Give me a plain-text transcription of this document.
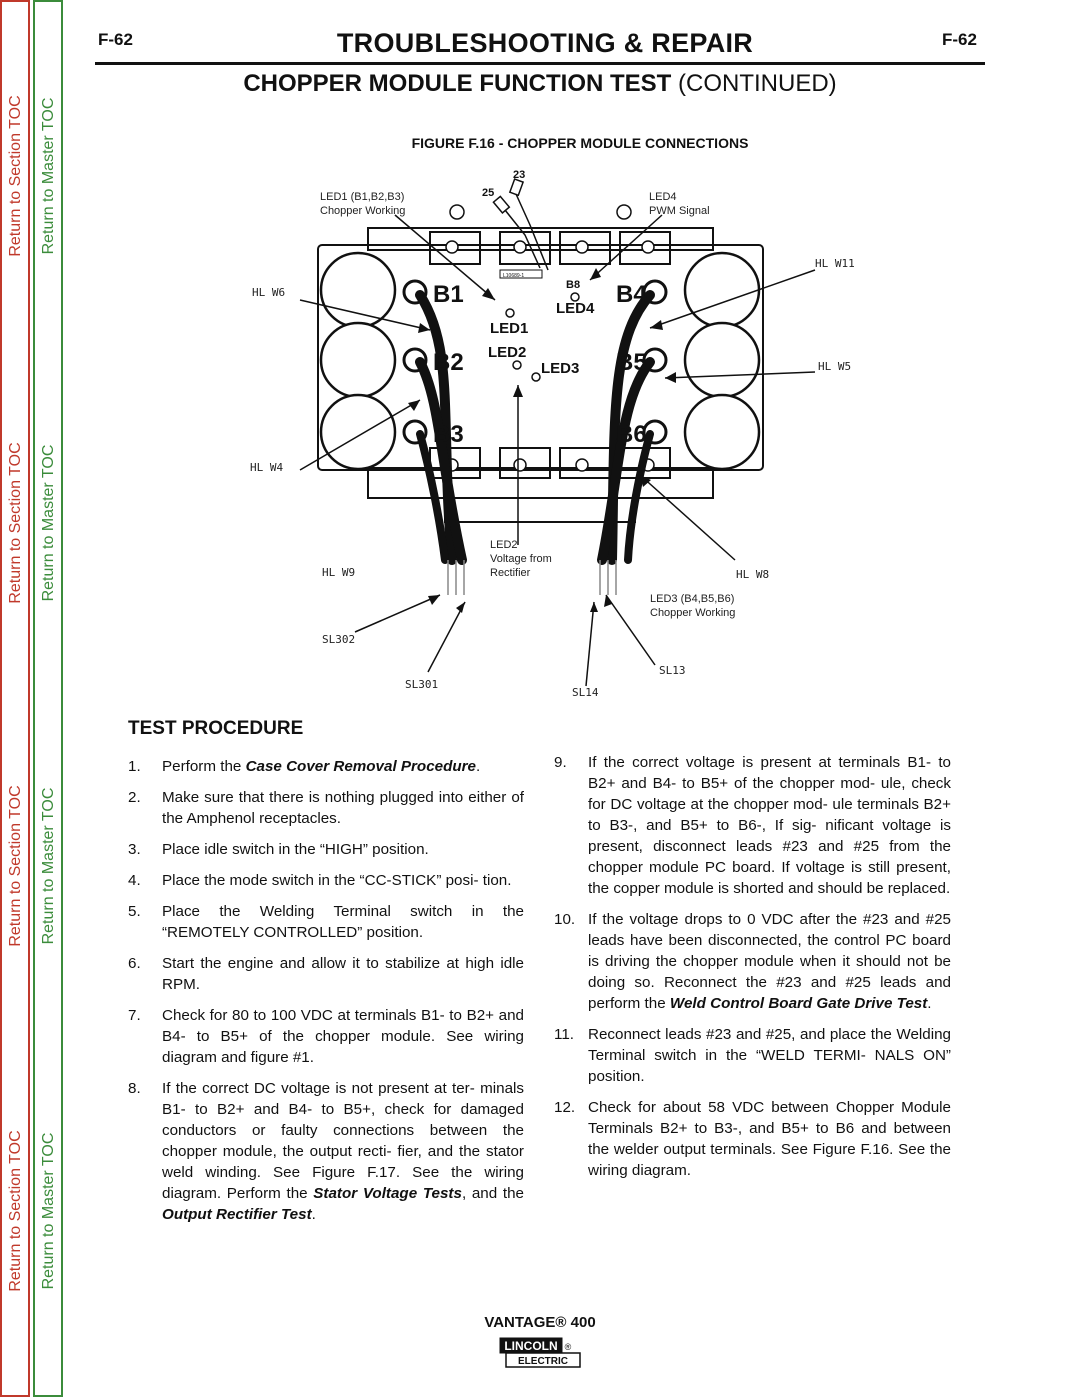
Return to Section TOC
Return to Section TOC
Return to Section TOC
Return to Section TOC
Return to Master TOC
Return to Master TOC
Return to Master TOC
Return to Master TOC
F-62	TROUBLESHOOTING & REPAIR	F-62
CHOPPER MODULE FUNCTION TEST (CONTINUED)
FIGURE F.16 - CHOPPER MODULE CONNECTIONS
B1
B2
B3
B4
B5
B6
B8
LED1
LED2
LED3
LED4
23
25
L10689-1
LED1 (B1,B2,B3)
Chopper Working
LED4
PWM Signal
HL W11
HL W6
HL W5
HL W4
LED2
Voltage from
Rectifier
HL W9	HL W8
LED3 (B4,B5,B6)
Chopper Working
SL302
SL13
SL301
SL14
TEST PROCEDURE
1. Perform the Case Cover Removal Procedure.
2. Make sure that there is nothing plugged into either of the Amphenol receptacles.
3. Place idle switch in the “HIGH” position.
4. Place the mode switch in the “CC-STICK” posi- tion.
5. Place the Welding Terminal switch in the “REMOTELY CONTROLLED” position.
6. Start the engine and allow it to stabilize at high idle RPM.
7. Check for 80 to 100 VDC at terminals B1- to B2+ and B4- to B5+ of the chopper module. See wiring diagram and figure #1.
8. If the correct DC voltage is not present at ter- minals B1- to B2+ and B4- to B5+, check for damaged conductors or faulty connections between the chopper module, the output recti- fier, and the stator weld winding. See Figure F.17. See the wiring diagram. Perform the Stator Voltage Tests, and the Output Rectifier Test.
9. If the correct voltage is present at terminals B1- to B2+ and B4- to B5+ of the chopper mod- ule, check for DC voltage at the chopper mod- ule terminals B2+ to B3-, and B5+ to B6-, If sig- nificant voltage is present, disconnect leads #23 and #25 from the chopper module PC board. If voltage is still present, the copper module is shorted and should be replaced.
10. If the voltage drops to 0 VDC after the #23 and #25 leads have been disconnected, the control PC board is driving the chopper module when it should not be doing so. Reconnect the #23 and #25 leads and perform the Weld Control Board Gate Drive Test.
11. Reconnect leads #23 and #25, and place the Welding Terminal switch in the “WELD TERMI- NALS ON” position.
12. Check for about 58 VDC between Chopper Module Terminals B2+ to B3-, and B5+ to B6 and between the welder output terminals. See Figure F.16. See the wiring diagram.
VANTAGE® 400
LINCOLN ®
ELECTRIC
